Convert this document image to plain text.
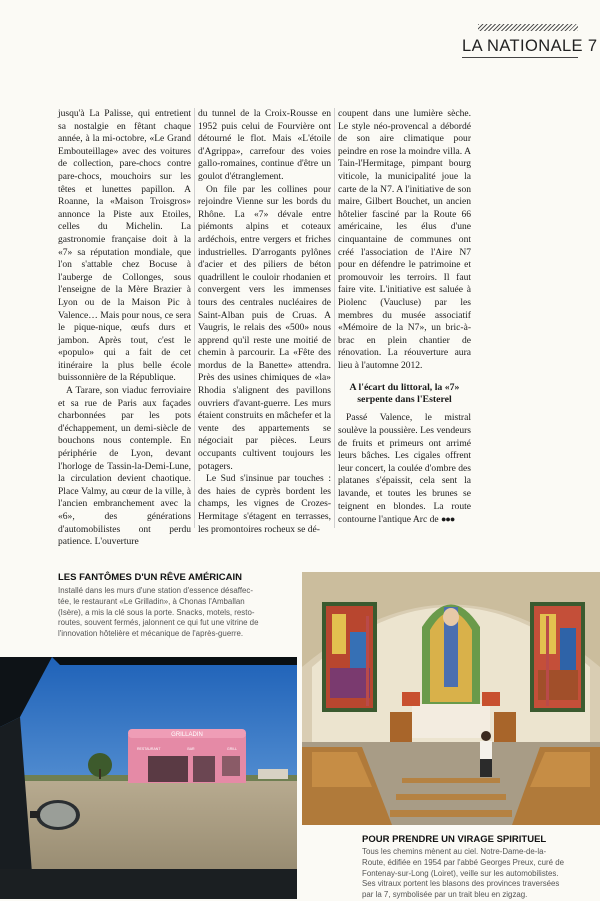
LA NATIONALE 7

jusqu'à La Palisse, qui entretient sa nostalgie en fêtant chaque année, à la mi-octobre, «Le Grand Embouteillage» avec des voitures de collection, pare-chocs contre pare-chocs, mouchoirs sur les têtes et lunettes papillon. A Roanne, la «Maison Troisgros» annonce la Piste aux Etoiles, celles du Michelin. La gastronomie française doit à la «7» sa réputation mondiale, que l'on s'attable chez Bocuse à l'auberge de Collonges, sous l'enseigne de la Mère Brazier à Lyon ou de la Maison Pic à Valence… Mais pour nous, ce sera le pique-nique, œufs durs et jambon. Après tout, c'est le «populo» qui a fait de cet itinéraire la plus belle école buissonnière de la République.

A Tarare, son viaduc ferroviaire et sa rue de Paris aux façades charbonnées par les pots d'échappement, un demi-siècle de bouchons nous contemple. En périphérie de Lyon, devant l'horloge de Tassin-la-Demi-Lune, la circulation devient chaotique. Place Valmy, au cœur de la ville, à l'ancien embranchement avec la «6», des générations d'automobilistes ont perdu patience. L'ouverture

du tunnel de la Croix-Rousse en 1952 puis celui de Fourvière ont détourné le flot. Mais «L'étoile d'Agrippa», carrefour des voies gallo-romaines, continue d'être un goulot d'étranglement.

On file par les collines pour rejoindre Vienne sur les bords du Rhône. La «7» dévale entre piémonts alpins et coteaux ardéchois, entre vergers et friches industrielles. D'arrogants pylônes d'acier et des piliers de béton quadrillent le couloir rhodanien et convergent vers les immenses tours des centrales nucléaires de Saint-Alban puis de Cruas. A Vaugris, le relais des «500» nous apprend qu'il reste une moitié de chemin à parcourir. La «Fête des mordus de la Banette» attendra. Près des usines chimiques de «la» Rhodia s'alignent des pavillons ouvriers d'avant-guerre. Les murs étaient construits en mâchefer et la vente des appartements se négociait par pièces. Leurs occupants cultivent toujours les potagers.

Le Sud s'insinue par touches : des haies de cyprès bordent les champs, les vignes de Crozes-Hermitage s'étagent en terrasses, les promontoires rocheux se dé-

coupent dans une lumière sèche. Le style néo-provencal a débordé de son aire climatique pour peindre en rose la moindre villa. A Tain-l'Hermitage, pimpant bourg viticole, la municipalité joue la carte de la N7. A l'initiative de son maire, Gilbert Bouchet, un ancien hôtelier fasciné par la Route 66 américaine, les élus d'une cinquantaine de communes ont créé l'association de l'Aire N7 pour en défendre le patrimoine et promouvoir les terroirs. Il faut faire vite. L'initiative est saluée à Piolenc (Vaucluse) par les membres du musée associatif «Mémoire de la N7», un bric-à-brac en plein chantier de rénovation. La réouverture aura lieu à l'automne 2012.

A l'écart du littoral, la «7»
serpente dans l'Esterel

Passé Valence, le mistral soulève la poussière. Les vendeurs de fruits et primeurs ont arrimé leurs bâches. Les cigales offrent leur concert, la coulée d'ombre des platanes s'épaissit, cela sent la lavande, et toutes les brunes se teignent en blondes. La route contourne l'antique Arc de ●●●

LES FANTÔMES D'UN RÊVE AMÉRICAIN
Installé dans les murs d'une station d'essence désaffec-
tée, le restaurant «Le Grilladin», à Chonas l'Amballan
(Isère), a mis la clé sous la porte. Snacks, motels, resto-
routes, souvent fermés, jalonnent ce qui fut une vitrine de
l'innovation hôtelière et mécanique de l'après-guerre.
GRILLADIN
RESTAURANT	BAR	GRILL
POUR PRENDRE UN VIRAGE SPIRITUEL
Tous les chemins mènent au ciel. Notre-Dame-de-la-
Route, édifiée en 1954 par l'abbé Georges Preux, curé de
Fontenay-sur-Long (Loiret), veille sur les automobilistes.
Ses vitraux portent les blasons des provinces traversées
par la 7, symbolisée par un trait bleu en zigzag.
